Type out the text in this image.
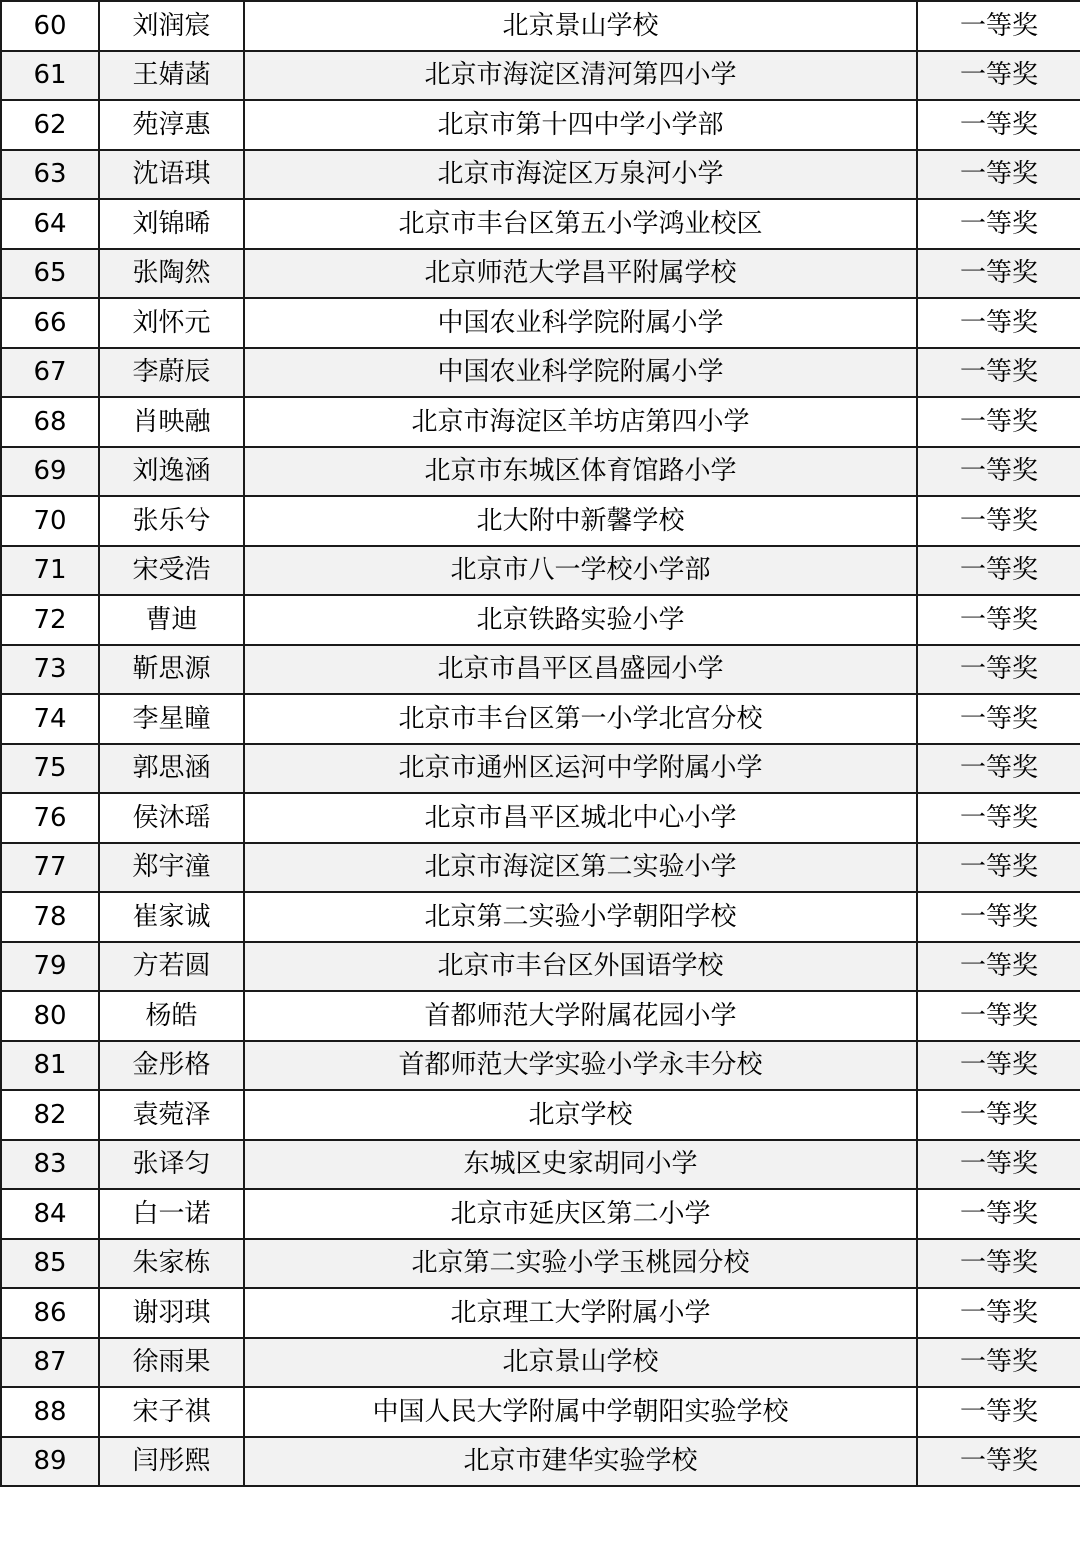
60	刘润宸	北京景山学校	一等奖
61	王婧菡	北京市海淀区清河第四小学	一等奖
62	苑淳惠	北京市第十四中学小学部	一等奖
63	沈语琪	北京市海淀区万泉河小学	一等奖
64	刘锦晞	北京市丰台区第五小学鸿业校区	一等奖
65	张陶然	北京师范大学昌平附属学校	一等奖
66	刘怀元	中国农业科学院附属小学	一等奖
67	李蔚辰	中国农业科学院附属小学	一等奖
68	肖映融	北京市海淀区羊坊店第四小学	一等奖
69	刘逸涵	北京市东城区体育馆路小学	一等奖
70	张乐兮	北大附中新馨学校	一等奖
71	宋受浩	北京市八一学校小学部	一等奖
72	曹迪	北京铁路实验小学	一等奖
73	靳思源	北京市昌平区昌盛园小学	一等奖
74	李星瞳	北京市丰台区第一小学北宫分校	一等奖
75	郭思涵	北京市通州区运河中学附属小学	一等奖
76	侯沐瑶	北京市昌平区城北中心小学	一等奖
77	郑宇潼	北京市海淀区第二实验小学	一等奖
78	崔家诚	北京第二实验小学朝阳学校	一等奖
79	方若圆	北京市丰台区外国语学校	一等奖
80	杨皓	首都师范大学附属花园小学	一等奖
81	金彤格	首都师范大学实验小学永丰分校	一等奖
82	袁菀泽	北京学校	一等奖
83	张译匀	东城区史家胡同小学	一等奖
84	白一诺	北京市延庆区第二小学	一等奖
85	朱家栋	北京第二实验小学玉桃园分校	一等奖
86	谢羽琪	北京理工大学附属小学	一等奖
87	徐雨果	北京景山学校	一等奖
88	宋子祺	中国人民大学附属中学朝阳实验学校	一等奖
89	闫彤熙	北京市建华实验学校	一等奖
